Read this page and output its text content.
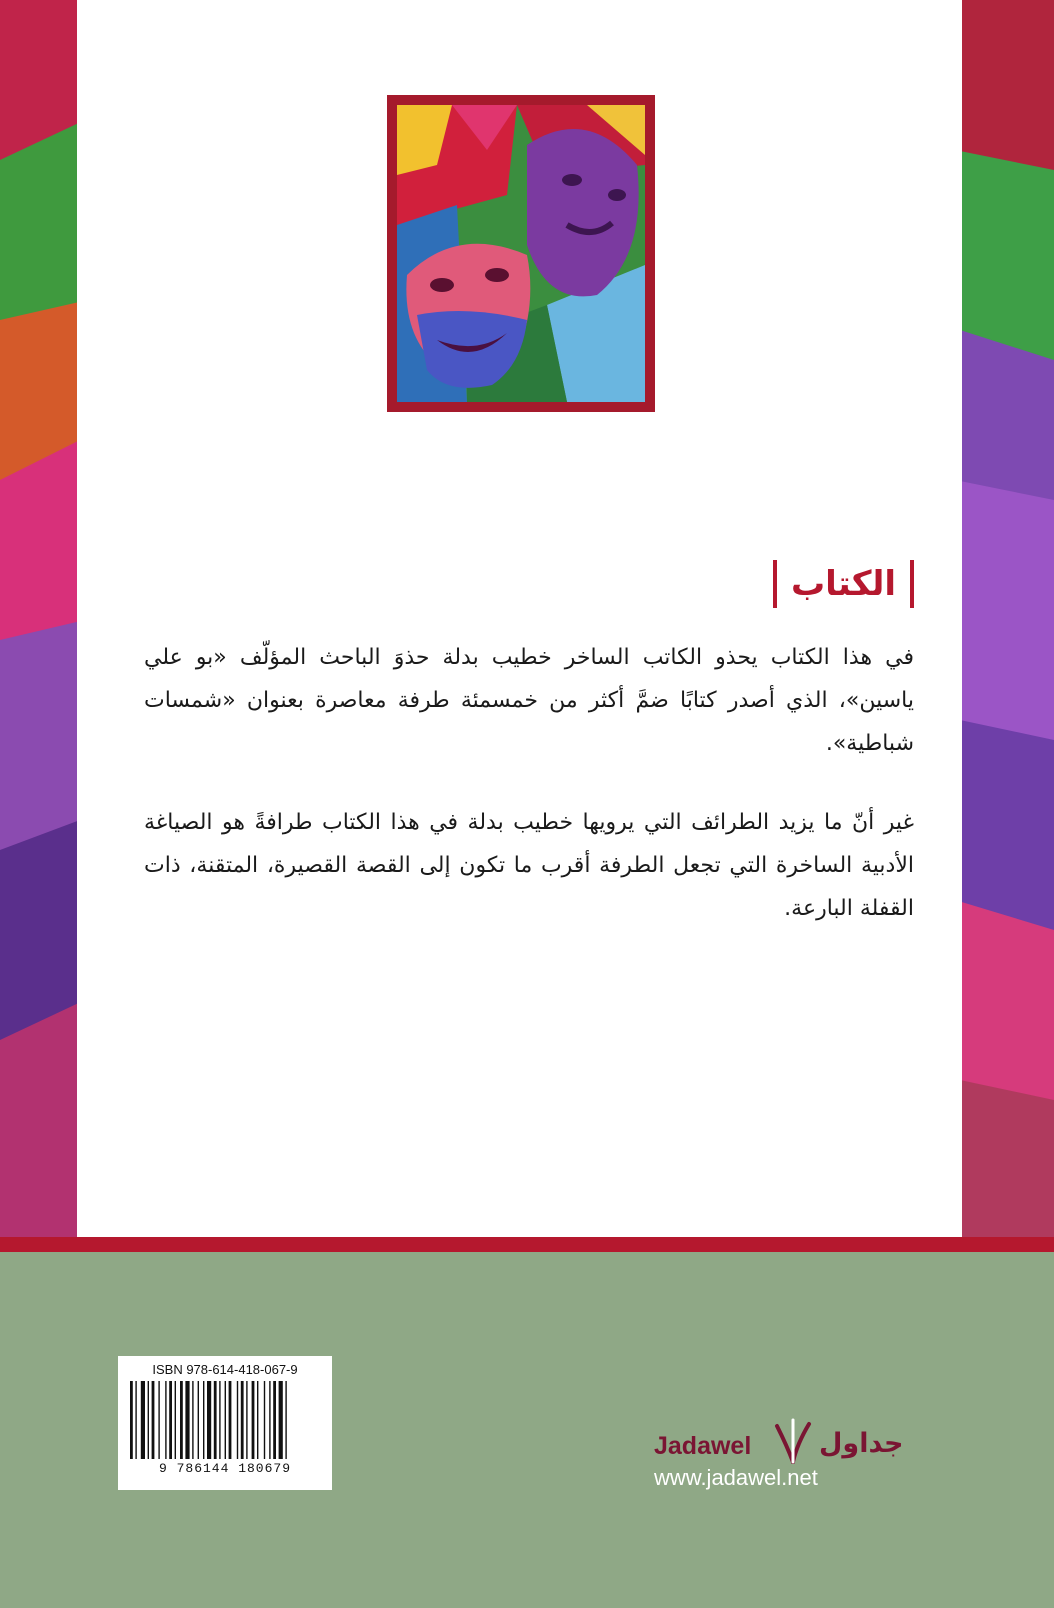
الكتاب

في هذا الكتاب يحذو الكاتب الساخر خطيب بدلة حذوَ الباحث المؤلّف «بو علي ياسين»، الذي أصدر كتابًا ضمَّ أكثر من خمسمئة طرفة معاصرة بعنوان «شمسات شباطية».

غير أنّ ما يزيد الطرائف التي يرويها خطيب بدلة في هذا الكتاب طرافةً هو الصياغة الأدبية الساخرة التي تجعل الطرفة أقرب ما تكون إلى القصة القصيرة، المتقنة، ذات القفلة البارعة.

ISBN 978-614-418-067-9
9 786144 180679
Jadawel	جداول
www.jadawel.net
